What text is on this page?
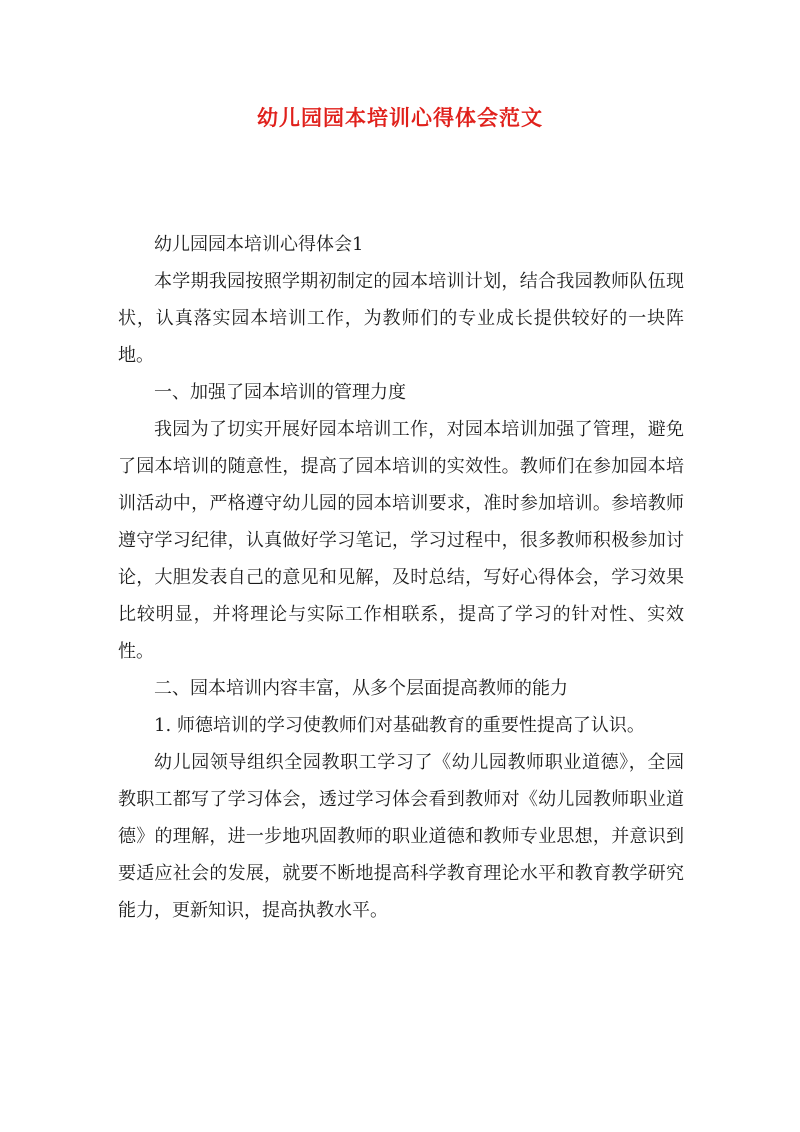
幼儿园园本培训心得体会范文

幼儿园园本培训心得体会1

本学期我园按照学期初制定的园本培训计划，结合我园教师队伍现状，认真落实园本培训工作，为教师们的专业成长提供较好的一块阵地。

一、加强了园本培训的管理力度

我园为了切实开展好园本培训工作，对园本培训加强了管理，避免了园本培训的随意性，提高了园本培训的实效性。教师们在参加园本培训活动中，严格遵守幼儿园的园本培训要求，准时参加培训。参培教师遵守学习纪律，认真做好学习笔记，学习过程中，很多教师积极参加讨论，大胆发表自己的意见和见解，及时总结，写好心得体会，学习效果比较明显，并将理论与实际工作相联系，提高了学习的针对性、实效性。

二、园本培训内容丰富，从多个层面提高教师的能力

1. 师德培训的学习使教师们对基础教育的重要性提高了认识。

幼儿园领导组织全园教职工学习了《幼儿园教师职业道德》，全园教职工都写了学习体会，透过学习体会看到教师对《幼儿园教师职业道德》的理解，进一步地巩固教师的职业道德和教师专业思想，并意识到要适应社会的发展，就要不断地提高科学教育理论水平和教育教学研究能力，更新知识，提高执教水平。
